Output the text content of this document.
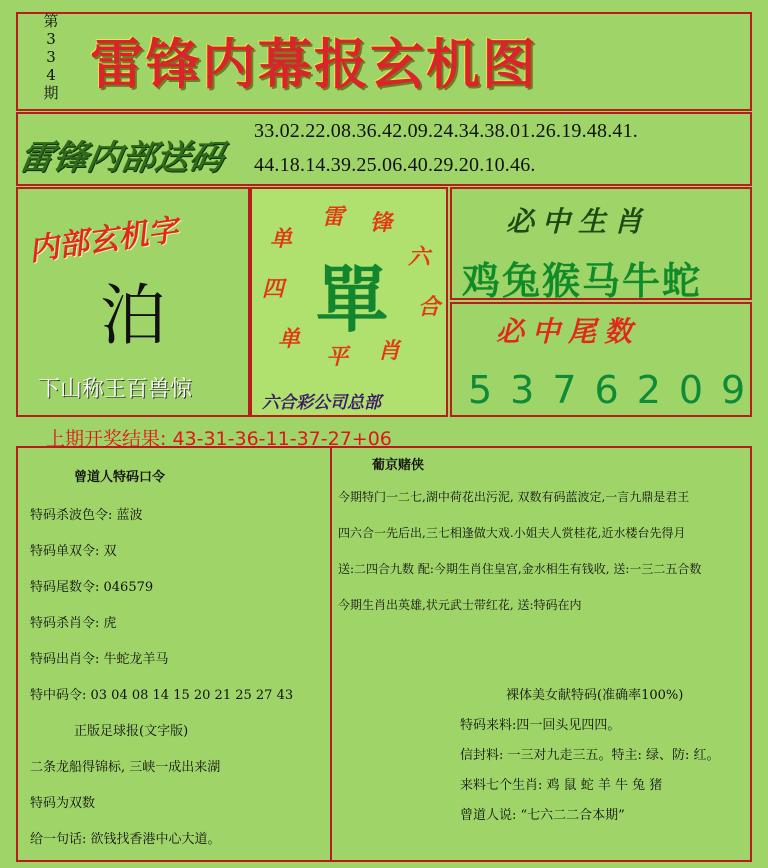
第
3
3
4
期 雷锋内幕报玄机图
雷锋内部送码
33.02.22.08.36.42.09.24.34.38.01.26.19.48.41.
44.18.14.39.25.06.40.29.20.10.46.
内部玄机字
泊
下山称王百兽惊
雷 锋
六
合
肖
平
单
四
单
單
六合彩公司总部
必中生肖
鸡兔猴马牛蛇
必中尾数
5376209
上期开奖结果: 43-31-36-11-37-27+06
曾道人特码口令
特码杀波色令: 蓝波
特码单双令: 双
特码尾数令: 046579
特码杀肖令: 虎
特码出肖令: 牛蛇龙羊马
特中码令: 03 04 08 14 15 20 21 25 27 43
正版足球报(文字版)
二条龙船得锦标, 三峡一成出来湖
特码为双数
给一句话: 欲钱找香港中心大道。
葡京赌侠
今期特门一二七,湖中荷花出污泥, 双数有码蓝波定,一言九鼎是君王
四六合一先后出,三七相逢做大戏.小姐夫人赏桂花,近水楼台先得月
送:二四合九数 配:今期生肖住皇宫,金水相生有钱收, 送:一三二五合数
今期生肖出英雄,状元武士带红花, 送:特码在内
裸体美女献特码(准确率100%)
特码来料:四一回头见四四。
信封料: 一三对九走三五。特主: 绿、防: 红。
来料七个生肖: 鸡 鼠 蛇 羊 牛 兔 猪
曾道人说: “七六二二合本期”
